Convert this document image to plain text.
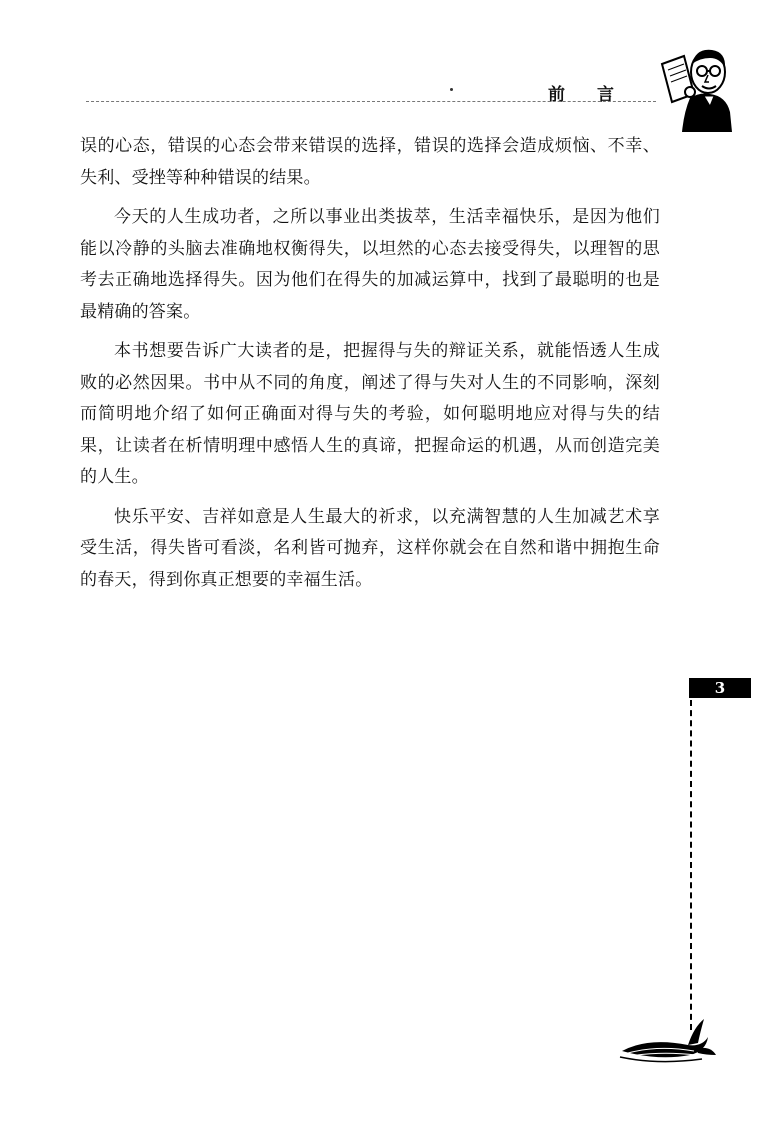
前言

误的心态，错误的心态会带来错误的选择，错误的选择会造成烦恼、不幸、失利、受挫等种种错误的结果。

今天的人生成功者，之所以事业出类拔萃，生活幸福快乐，是因为他们能以冷静的头脑去准确地权衡得失，以坦然的心态去接受得失，以理智的思考去正确地选择得失。因为他们在得失的加减运算中，找到了最聪明的也是最精确的答案。

本书想要告诉广大读者的是，把握得与失的辩证关系，就能悟透人生成败的必然因果。书中从不同的角度，阐述了得与失对人生的不同影响，深刻而简明地介绍了如何正确面对得与失的考验，如何聪明地应对得与失的结果，让读者在析情明理中感悟人生的真谛，把握命运的机遇，从而创造完美的人生。

快乐平安、吉祥如意是人生最大的祈求，以充满智慧的人生加减艺术享受生活，得失皆可看淡，名利皆可抛弃，这样你就会在自然和谐中拥抱生命的春天，得到你真正想要的幸福生活。

3
